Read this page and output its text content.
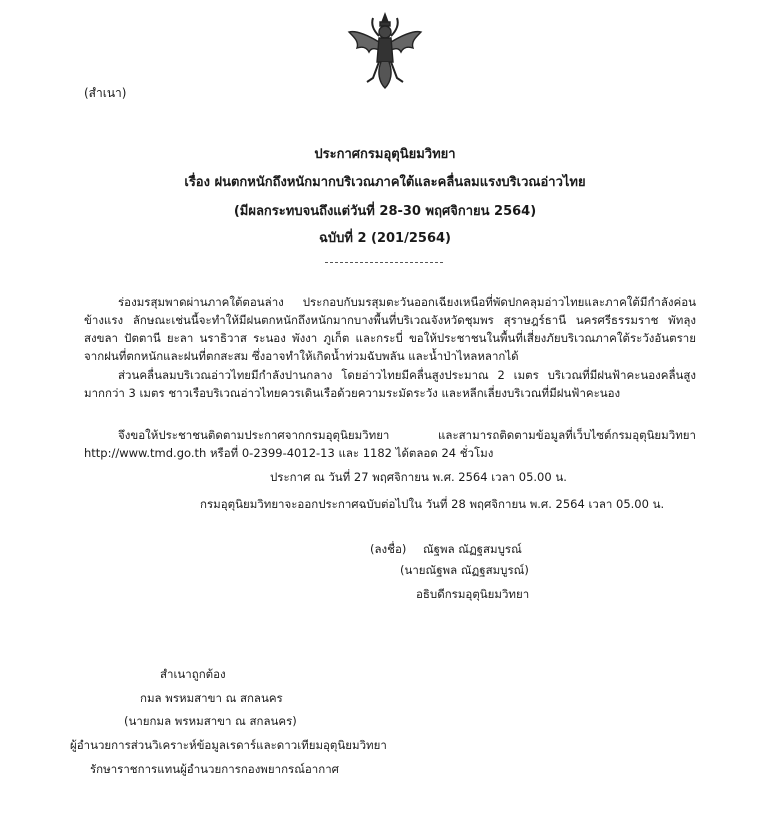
(สำเนา)
ประกาศกรมอุตุนิยมวิทยา
เรื่อง ฝนตกหนักถึงหนักมากบริเวณภาคใต้และคลื่นลมแรงบริเวณอ่าวไทย
(มีผลกระทบจนถึงแต่วันที่ 28-30 พฤศจิกายน 2564)
ฉบับที่ 2 (201/2564)
ร่องมรสุมพาดผ่านภาคใต้ตอนล่าง ประกอบกับมรสุมตะวันออกเฉียงเหนือที่พัดปกคลุมอ่าวไทยและภาคใต้มีกำลังค่อนข้างแรง ลักษณะเช่นนี้จะทำให้มีฝนตกหนักถึงหนักมากบางพื้นที่บริเวณจังหวัดชุมพร สุราษฎร์ธานี นครศรีธรรมราช พัทลุง สงขลา ปัตตานี ยะลา นราธิวาส ระนอง พังงา ภูเก็ต และกระบี่ ขอให้ประชาชนในพื้นที่เสี่ยงภัยบริเวณภาคใต้ระวังอันตรายจากฝนที่ตกหนักและฝนที่ตกสะสม ซึ่งอาจทำให้เกิดน้ำท่วมฉับพลัน และน้ำป่าไหลหลากได้
ส่วนคลื่นลมบริเวณอ่าวไทยมีกำลังปานกลาง โดยอ่าวไทยมีคลื่นสูงประมาณ 2 เมตร บริเวณที่มีฝนฟ้าคะนองคลื่นสูงมากกว่า 3 เมตร ชาวเรือบริเวณอ่าวไทยควรเดินเรือด้วยความระมัดระวัง และหลีกเลี่ยงบริเวณที่มีฝนฟ้าคะนอง
จึงขอให้ประชาชนติดตามประกาศจากกรมอุตุนิยมวิทยา และสามารถติดตามข้อมูลที่เว็บไซต์กรมอุตุนิยมวิทยา http://www.tmd.go.th หรือที่ 0-2399-4012-13 และ 1182 ได้ตลอด 24 ชั่วโมง
ประกาศ ณ วันที่ 27 พฤศจิกายน พ.ศ. 2564 เวลา 05.00 น.
กรมอุตุนิยมวิทยาจะออกประกาศฉบับต่อไปใน วันที่ 28 พฤศจิกายน พ.ศ. 2564 เวลา 05.00 น.
(ลงชื่อ) ณัฐพล ณัฏฐสมบูรณ์
(นายณัฐพล ณัฏฐสมบูรณ์)
อธิบดีกรมอุตุนิยมวิทยา
สำเนาถูกต้อง
กมล พรหมสาขา ณ สกลนคร
(นายกมล พรหมสาขา ณ สกลนคร)
ผู้อำนวยการส่วนวิเคราะห์ข้อมูลเรดาร์และดาวเทียมอุตุนิยมวิทยา
รักษาราชการแทนผู้อำนวยการกองพยากรณ์อากาศ
